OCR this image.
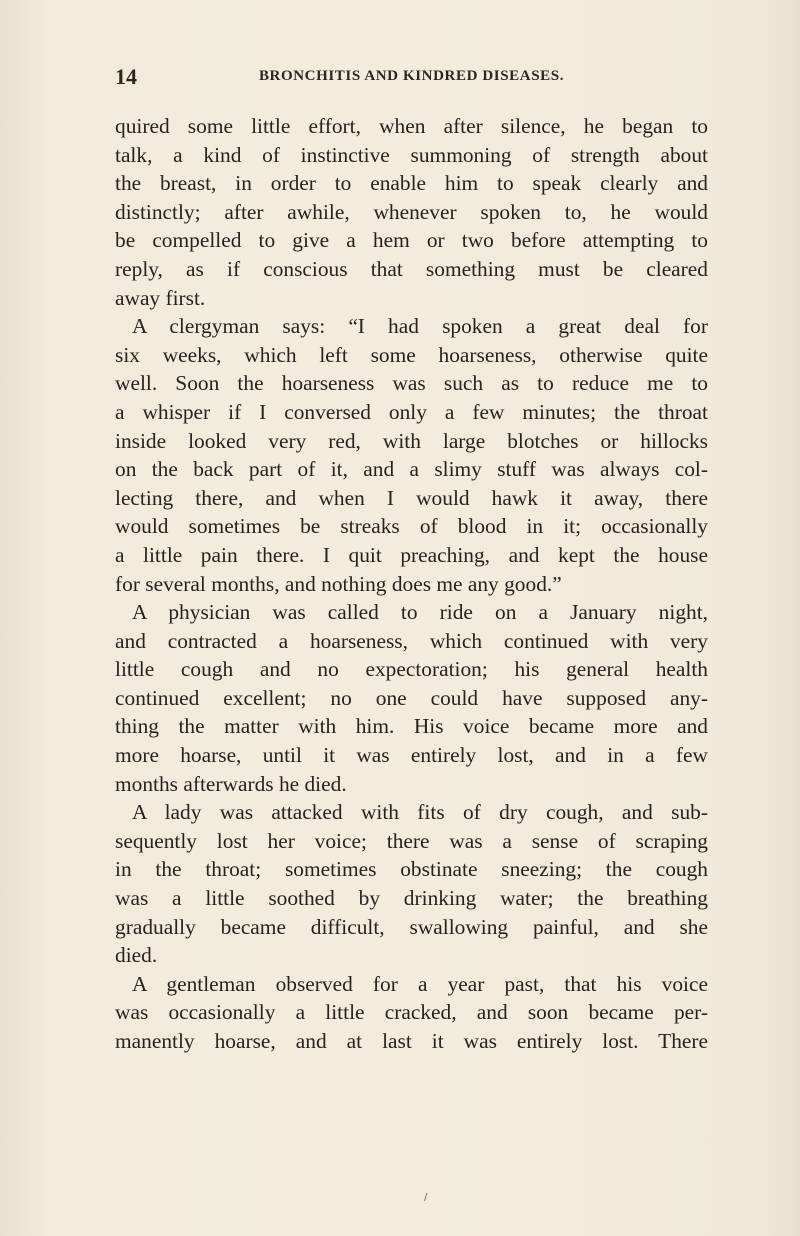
14	BRONCHITIS AND KINDRED DISEASES.

quired some little effort, when after silence, he began to

talk, a kind of instinctive summoning of strength about

the breast, in order to enable him to speak clearly and

distinctly; after awhile, whenever spoken to, he would

be compelled to give a hem or two before attempting to

reply, as if conscious that something must be cleared

away first.

A clergyman says: “I had spoken a great deal for

six weeks, which left some hoarseness, otherwise quite

well. Soon the hoarseness was such as to reduce me to

a whisper if I conversed only a few minutes; the throat

inside looked very red, with large blotches or hillocks

on the back part of it, and a slimy stuff was always col-

lecting there, and when I would hawk it away, there

would sometimes be streaks of blood in it; occasionally

a little pain there. I quit preaching, and kept the house

for several months, and nothing does me any good.”

A physician was called to ride on a January night,

and contracted a hoarseness, which continued with very

little cough and no expectoration; his general health

continued excellent; no one could have supposed any-

thing the matter with him. His voice became more and

more hoarse, until it was entirely lost, and in a few

months afterwards he died.

A lady was attacked with fits of dry cough, and sub-

sequently lost her voice; there was a sense of scraping

in the throat; sometimes obstinate sneezing; the cough

was a little soothed by drinking water; the breathing

gradually became difficult, swallowing painful, and she

died.

A gentleman observed for a year past, that his voice

was occasionally a little cracked, and soon became per-

manently hoarse, and at last it was entirely lost. There

/
